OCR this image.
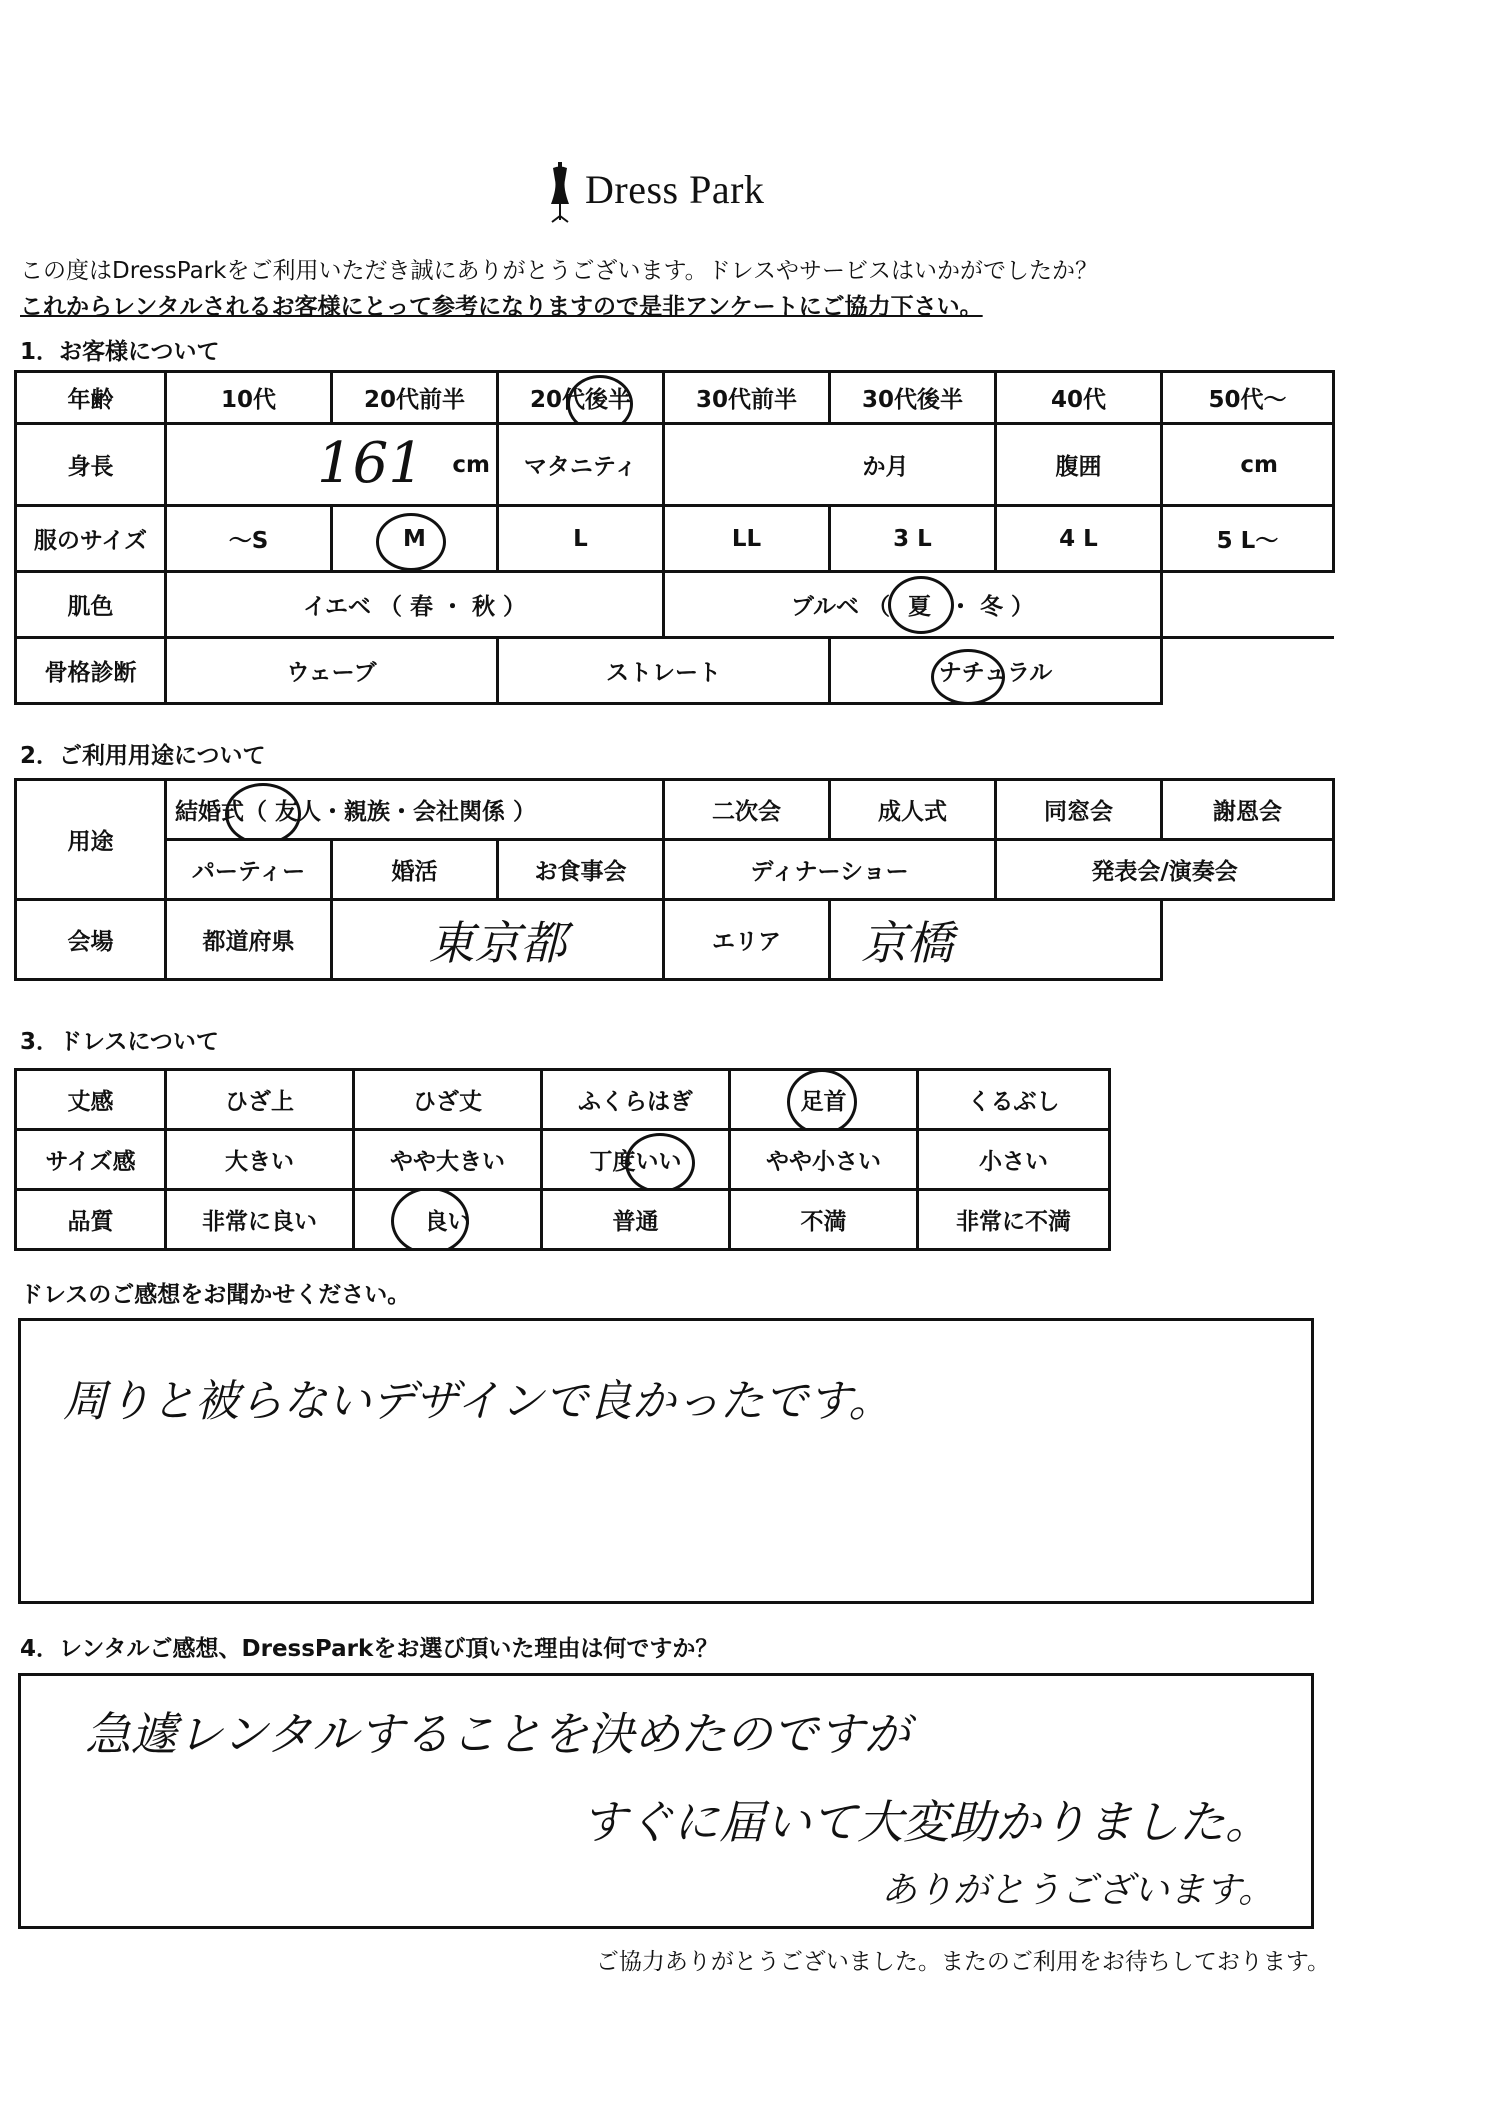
Dress Park
この度はDressParkをご利用いただき誠にありがとうございます。ドレスやサービスはいかがでしたか？
これからレンタルされるお客様にとって参考になりますので是非アンケートにご協力下さい。
1．お客様について
年齢	10代	20代前半	20代後半	30代前半	30代後半	40代	50代～
身長	161 cm		マタニティ	か月		腹囲	cm
服のサイズ	～S	M	L	LL	3 L	4 L	5 L～
肌色	イエベ （ 春 ・ 秋 ）			ブルベ （ 夏 ・ 冬 ）			
骨格診断	ウェーブ		ストレート		ナチュラル	

2．ご利用用途について
用途	結婚式（ 友人・親族・会社関係 ）			二次会	成人式	同窓会	謝恩会
	パーティー	婚活	お食事会	ディナーショー		発表会/演奏会	
会場	都道府県	東京都		エリア	京橋		
3．ドレスについて
丈感	ひざ上	ひざ丈	ふくらはぎ	足首	くるぶし
サイズ感	大きい	やや大きい	丁度いい	やや小さい	小さい
品質	非常に良い	良い	普通	不満	非常に不満
ドレスのご感想をお聞かせください。
周りと被らないデザインで良かったです。
4．レンタルご感想、DressParkをお選び頂いた理由は何ですか？
急遽レンタルすることを決めたのですが
すぐに届いて大変助かりました。
ありがとうございます。
ご協力ありがとうございました。またのご利用をお待ちしております。
